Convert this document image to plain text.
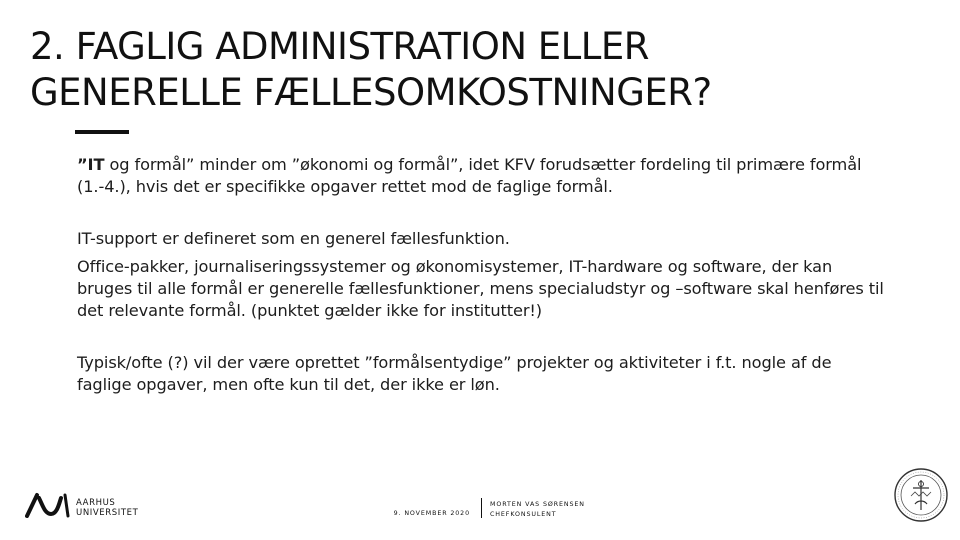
2. FAGLIG ADMINISTRATION ELLER
GENERELLE FÆLLESOMKOSTNINGER?

”IT og formål” minder om ”økonomi og formål”, idet KFV forudsætter fordeling til primære formål (1.-4.), hvis det er specifikke opgaver rettet mod de faglige formål.

IT-support er defineret som en generel fællesfunktion.

Office-pakker, journaliseringssystemer og økonomisystemer, IT-hardware og software, der kan bruges til alle formål er generelle fællesfunktioner, mens specialudstyr og –software skal henføres til det relevante formål. (punktet gælder ikke for institutter!)

Typisk/ofte (?) vil der være oprettet ”formålsentydige” projekter og aktiviteter i f.t. nogle af de faglige opgaver, men ofte kun til det, der ikke er løn.

AARHUS
UNIVERSITET	9. NOVEMBER 2020
MORTEN VAS SØRENSEN
CHEFKONSULENT
